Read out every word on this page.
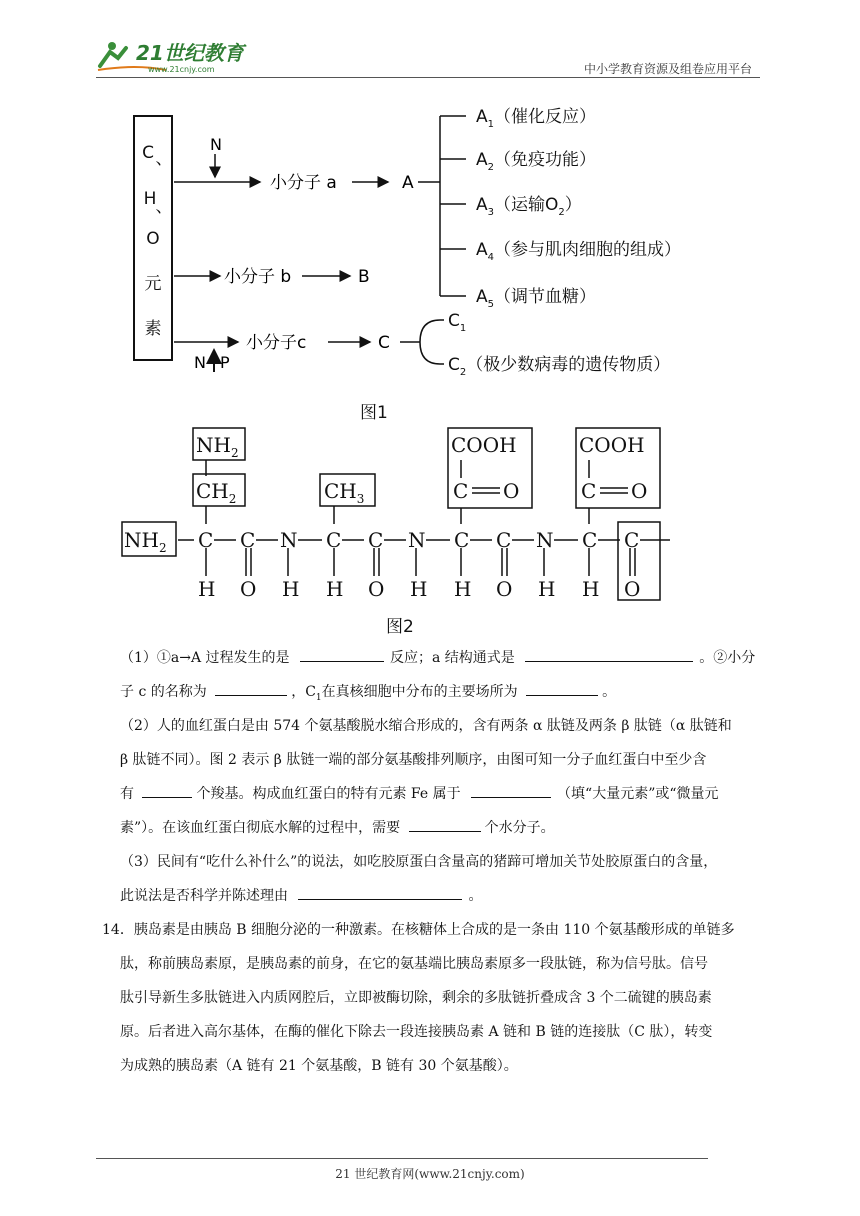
21世纪教育
www.21cnjy.com	中小学教育资源及组卷应用平台
C 、
H 、
O
元
素
N
小分子 a	A
$A_1$（催化反应）
$A_2$（免疫功能）
$A_3$（运输$O_2$）
$A_4$（参与肌肉细胞的组成）
$A_5$（调节血糖）
小分子 b	B
N P
小分子c	C
$C_1$
$C_2$（极少数病毒的遗传物质）
图1
$NH_2$
$CH_2$	$CH_3$
$NH_2$
COOH	COOH
C O	C O
C C N C C N C C N C C
H O H H O H H O H H O
图2
（1）①a→A 过程发生的是	反应；a 结构通式是	。②小分
子 c 的名称为	，$C_1$在真核细胞中分布的主要场所为	。
（2）人的血红蛋白是由 574 个氨基酸脱水缩合形成的，含有两条 α 肽链及两条 β 肽链（α 肽链和
β 肽链不同）。图 2 表示 β 肽链一端的部分氨基酸排列顺序，由图可知一分子血红蛋白中至少含
有	个羧基。构成血红蛋白的特有元素 Fe 属于	（填“大量元素”或“微量元
素”）。在该血红蛋白彻底水解的过程中，需要	个水分子。
（3）民间有“吃什么补什么”的说法，如吃胶原蛋白含量高的猪蹄可增加关节处胶原蛋白的含量，
此说法是否科学并陈述理由	。
14．胰岛素是由胰岛 B 细胞分泌的一种激素。在核糖体上合成的是一条由 110 个氨基酸形成的单链多
肽，称前胰岛素原，是胰岛素的前身，在它的氨基端比胰岛素原多一段肽链，称为信号肽。信号
肽引导新生多肽链进入内质网腔后，立即被酶切除，剩余的多肽链折叠成含 3 个二硫键的胰岛素
原。后者进入高尔基体，在酶的催化下除去一段连接胰岛素 A 链和 B 链的连接肽（C 肽），转变
为成熟的胰岛素（A 链有 21 个氨基酸，B 链有 30 个氨基酸）。
21 世纪教育网(www.21cnjy.com)
